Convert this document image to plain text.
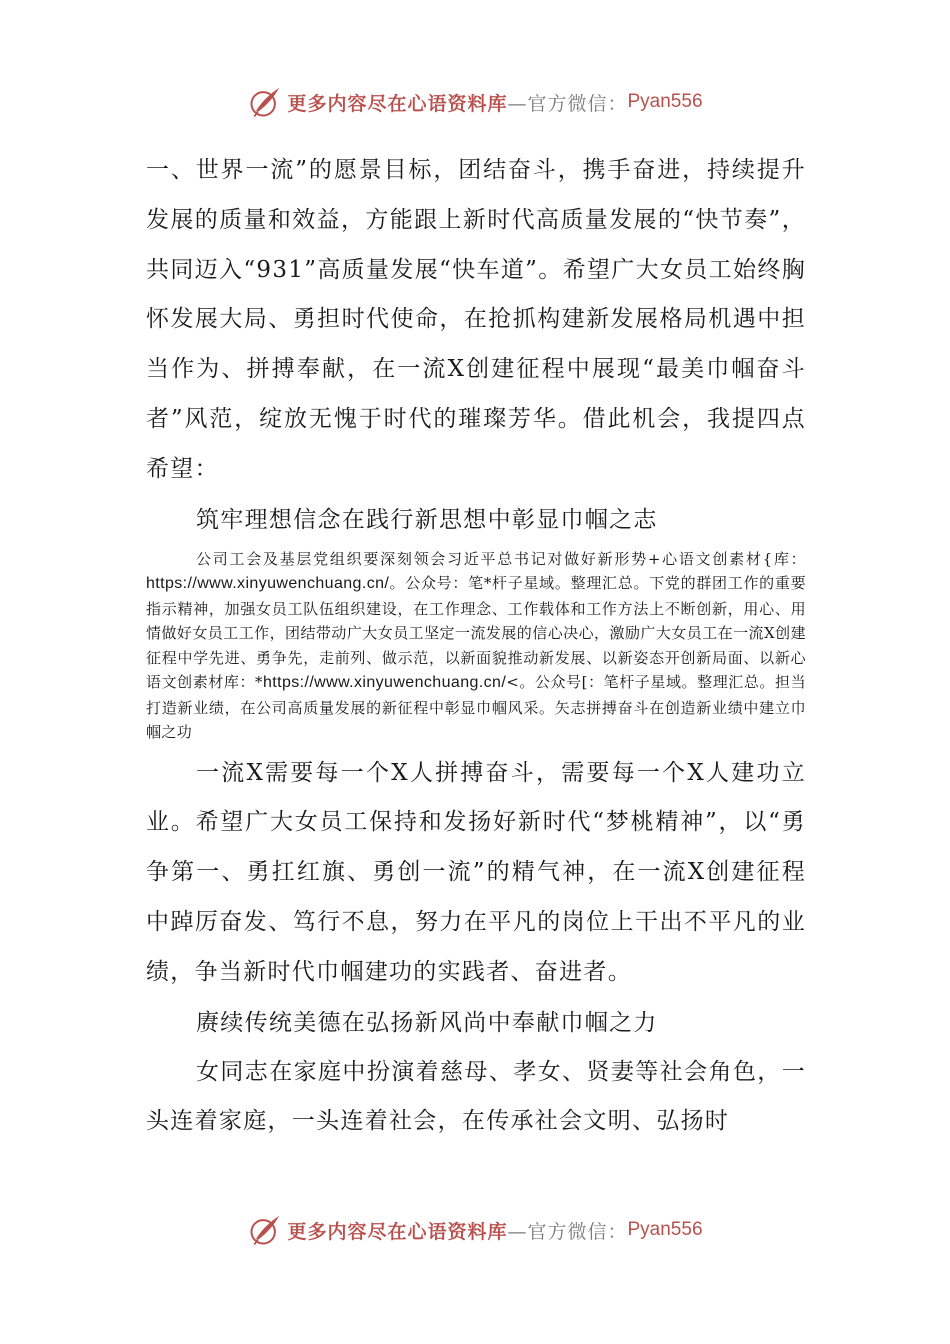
更多内容尽在心语资料库 —官方微信： Pyan556

一、世界一流”的愿景目标，团结奋斗，携手奋进，持续提升发展的质量和效益，方能跟上新时代高质量发展的“快节奏”，共同迈入“931”高质量发展“快车道”。希望广大女员工始终胸怀发展大局、勇担时代使命，在抢抓构建新发展格局机遇中担当作为、拼搏奉献，在一流X创建征程中展现“最美巾帼奋斗者”风范，绽放无愧于时代的璀璨芳华。借此机会，我提四点希望：

筑牢理想信念在践行新思想中彰显巾帼之志

公司工会及基层党组织要深刻领会习近平总书记对做好新形势+心语文创素材{库：https://www.xinyuwenchuang.cn/。公众号：笔*杆子星域。整理汇总。下党的群团工作的重要指示精神，加强女员工队伍组织建设，在工作理念、工作载体和工作方法上不断创新，用心、用情做好女员工工作，团结带动广大女员工坚定一流发展的信心决心，激励广大女员工在一流X创建征程中学先进、勇争先，走前列、做示范，以新面貌推动新发展、以新姿态开创新局面、以新心语文创素材库：*https://www.xinyuwenchuang.cn/<。公众号[：笔杆子星域。整理汇总。担当打造新业绩，在公司高质量发展的新征程中彰显巾帼风采。矢志拼搏奋斗在创造新业绩中建立巾帼之功

一流X需要每一个X人拼搏奋斗，需要每一个X人建功立业。希望广大女员工保持和发扬好新时代“梦桃精神”，以“勇争第一、勇扛红旗、勇创一流”的精气神，在一流X创建征程中踔厉奋发、笃行不息，努力在平凡的岗位上干出不平凡的业绩，争当新时代巾帼建功的实践者、奋进者。

赓续传统美德在弘扬新风尚中奉献巾帼之力

女同志在家庭中扮演着慈母、孝女、贤妻等社会角色，一头连着家庭，一头连着社会，在传承社会文明、弘扬时

更多内容尽在心语资料库 —官方微信： Pyan556
